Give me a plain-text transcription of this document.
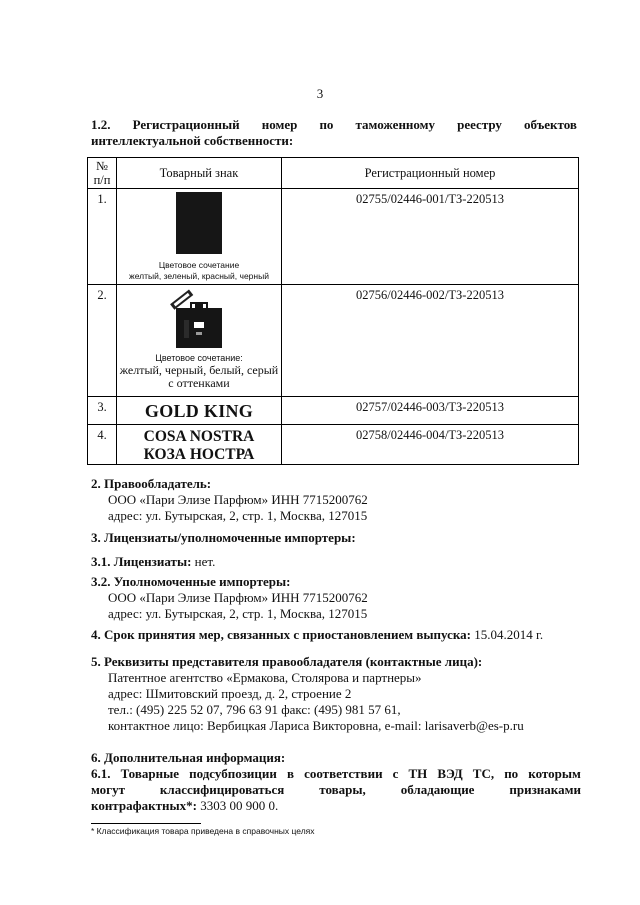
3
1.2. Регистрационный номер по таможенному реестру объектов
интеллектуальной собственности:
№
п/п	Товарный знак	Регистрационный номер
1.	Цветовое сочетание
желтый, зеленый, красный, черный	02755/02446-001/ТЗ-220513
2.	Цветовое сочетание:
желтый, черный, белый, серый
с оттенками	02756/02446-002/ТЗ-220513
3.	GOLD KING	02757/02446-003/ТЗ-220513
4.	COSA NOSTRA
КОЗА НОСТРА	02758/02446-004/ТЗ-220513
2. Правообладатель:
ООО «Пари Элизе Парфюм» ИНН 7715200762
адрес: ул. Бутырская, 2, стр. 1, Москва, 127015
3. Лицензиаты/уполномоченные импортеры:
3.1. Лицензиаты: нет.
3.2. Уполномоченные импортеры:
ООО «Пари Элизе Парфюм» ИНН 7715200762
адрес: ул. Бутырская, 2, стр. 1, Москва, 127015
4. Срок принятия мер, связанных с приостановлением выпуска: 15.04.2014 г.
5. Реквизиты представителя правообладателя (контактные лица):
Патентное агентство «Ермакова, Столярова и партнеры»
адрес: Шмитовский проезд, д. 2, строение 2
тел.: (495) 225 52 07, 796 63 91 факс: (495) 981 57 61,
контактное лицо: Вербицкая Лариса Викторовна, e-mail: larisaverb@es-p.ru
6. Дополнительная информация:
6.1. Товарные подсубпозиции в соответствии с ТН ВЭД ТС, по которым
могут	классифицироваться	товары,	обладающие	признаками
контрафактных*: 3303 00 900 0.
* Классификация товара приведена в справочных целях
